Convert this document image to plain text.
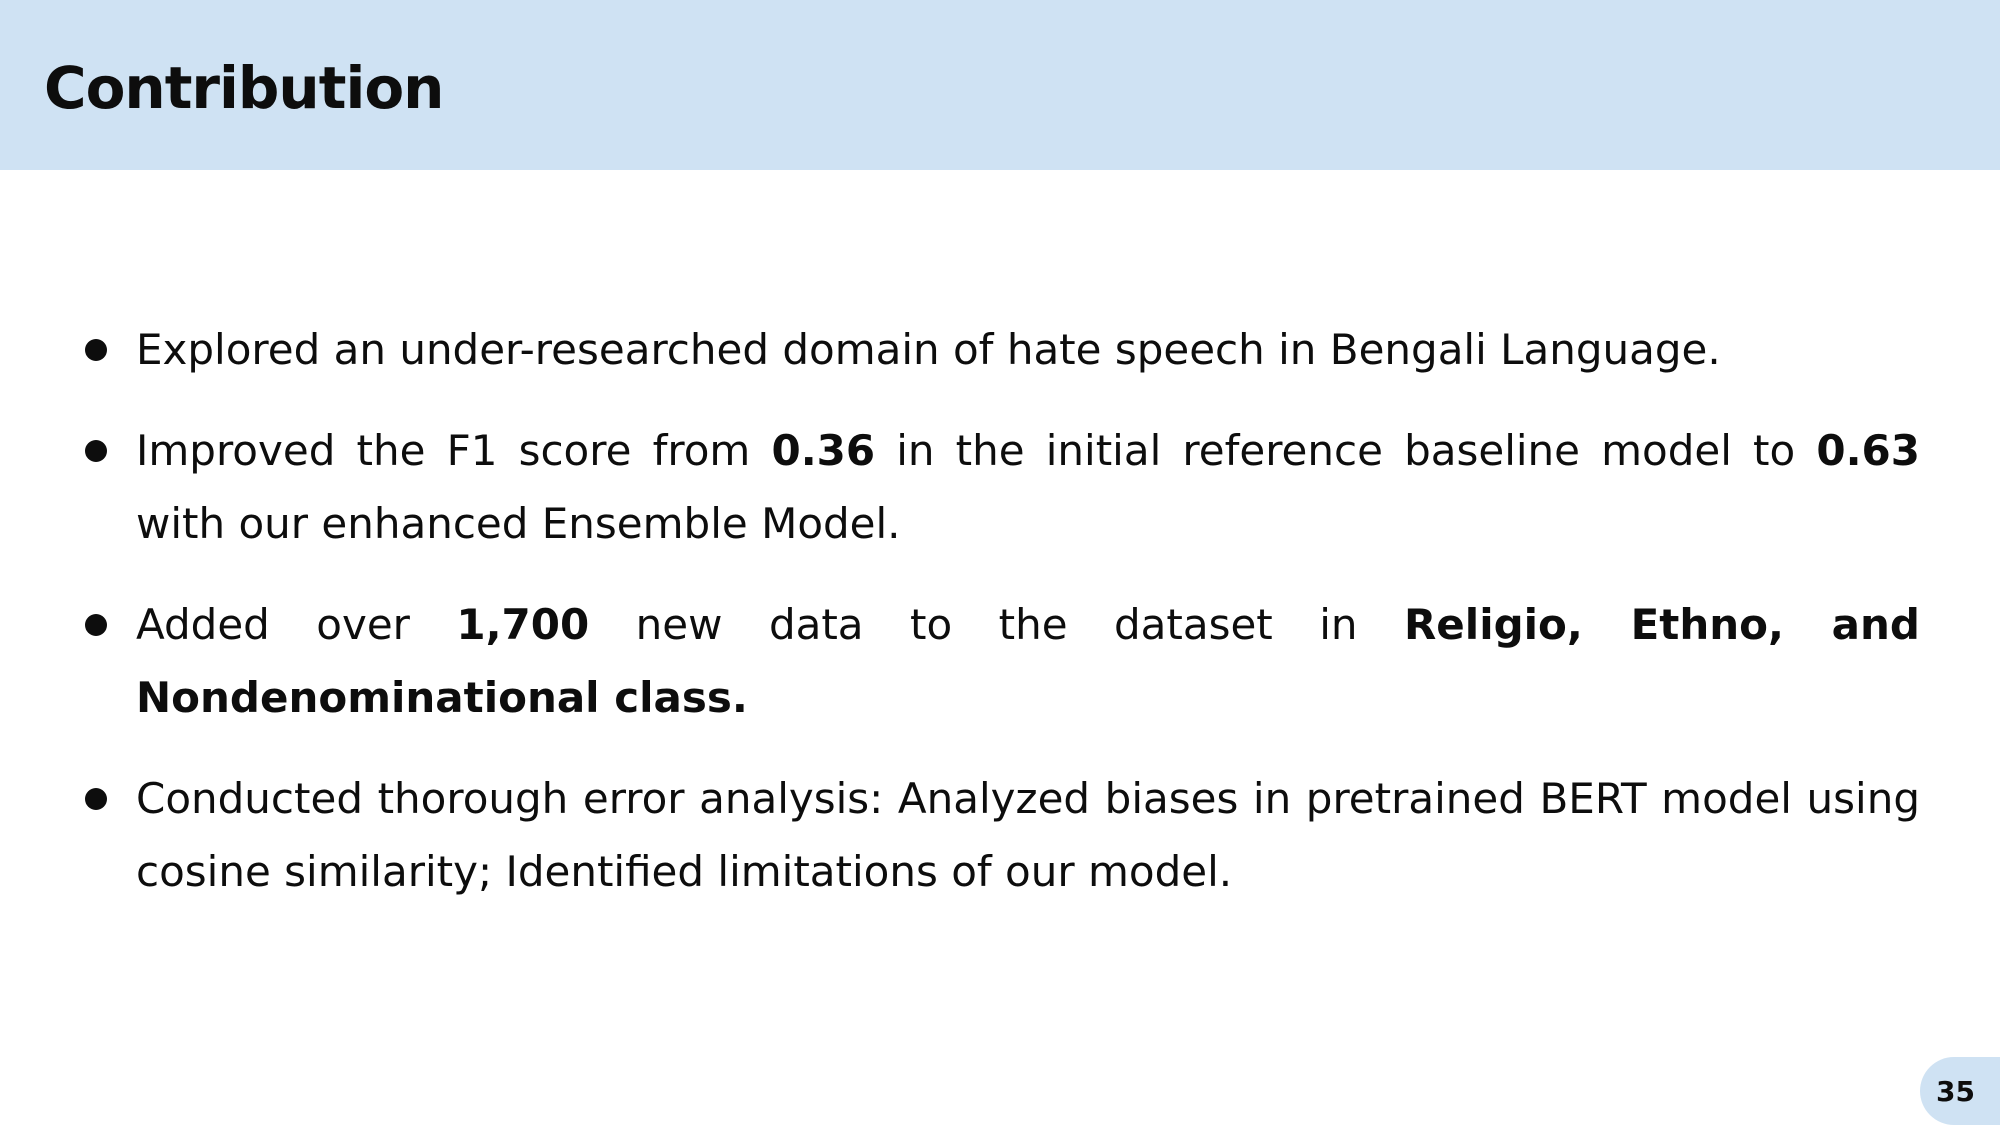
Contribution
Explored an under-researched domain of hate speech in Bengali Language.
Improved the F1 score from 0.36 in the initial reference baseline model to 0.63 with our enhanced Ensemble Model.
Added over 1,700 new data to the dataset in Religio, Ethno, and Nondenominational class.
Conducted thorough error analysis: Analyzed biases in pretrained BERT model using cosine similarity; Identified limitations of our model.
35
